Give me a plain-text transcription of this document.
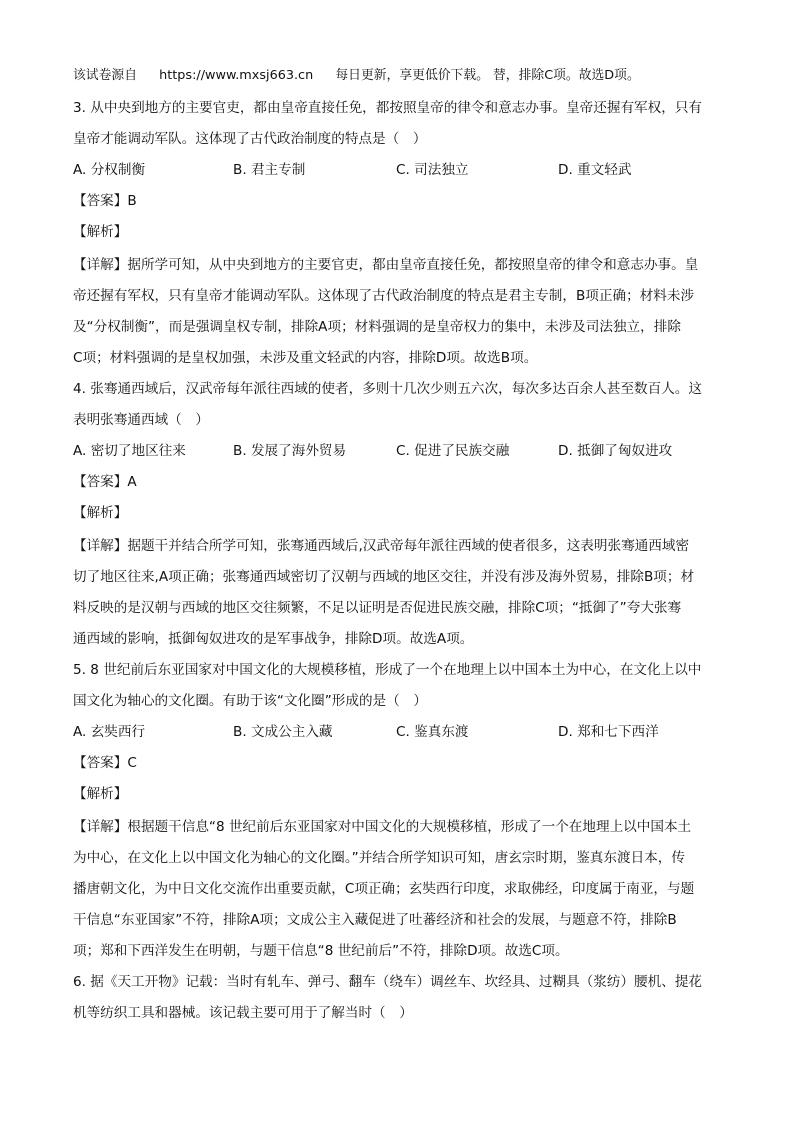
该试卷源自 https://www.mxsj663.cn 每日更新，享更低价下载。 替，排除C项。故选D项。
3. 从中央到地方的主要官吏，都由皇帝直接任免，都按照皇帝的律令和意志办事。皇帝还握有军权，只有
皇帝才能调动军队。这体现了古代政治制度的特点是（　）
A. 分权制衡	B. 君主专制	C. 司法独立	D. 重文轻武
【答案】B
【解析】
【详解】据所学可知，从中央到地方的主要官吏，都由皇帝直接任免，都按照皇帝的律令和意志办事。皇
帝还握有军权，只有皇帝才能调动军队。这体现了古代政治制度的特点是君主专制，B项正确；材料未涉
及“分权制衡”，而是强调皇权专制，排除A项；材料强调的是皇帝权力的集中，未涉及司法独立，排除
C项；材料强调的是皇权加强，未涉及重文轻武的内容，排除D项。故选B项。
4. 张骞通西域后，汉武帝每年派往西域的使者，多则十几次少则五六次，每次多达百余人甚至数百人。这
表明张骞通西域（　）
A. 密切了地区往来	B. 发展了海外贸易	C. 促进了民族交融	D. 抵御了匈奴进攻
【答案】A
【解析】
【详解】据题干并结合所学可知，张骞通西域后,汉武帝每年派往西域的使者很多，这表明张骞通西域密
切了地区往来,A项正确；张骞通西域密切了汉朝与西域的地区交往，并没有涉及海外贸易，排除B项；材
料反映的是汉朝与西域的地区交往频繁，不足以证明是否促进民族交融，排除C项；“抵御了”夸大张骞
通西域的影响，抵御匈奴进攻的是军事战争，排除D项。故选A项。
5. 8 世纪前后东亚国家对中国文化的大规模移植，形成了一个在地理上以中国本土为中心，在文化上以中
国文化为轴心的文化圈。有助于该“文化圈”形成的是（　）
A. 玄奘西行	B. 文成公主入藏	C. 鉴真东渡	D. 郑和七下西洋
【答案】C
【解析】
【详解】根据题干信息“8 世纪前后东亚国家对中国文化的大规模移植，形成了一个在地理上以中国本土
为中心，在文化上以中国文化为轴心的文化圈。”并结合所学知识可知，唐玄宗时期，鉴真东渡日本，传
播唐朝文化，为中日文化交流作出重要贡献，C项正确；玄奘西行印度，求取佛经，印度属于南亚，与题
干信息“东亚国家”不符，排除A项；文成公主入藏促进了吐蕃经济和社会的发展，与题意不符，排除B
项；郑和下西洋发生在明朝，与题干信息“8 世纪前后”不符，排除D项。故选C项。
6. 据《天工开物》记载：当时有轧车、弹弓、翻车（绕车）调丝车、坎经具、过糊具（浆纺）腰机、提花
机等纺织工具和器械。该记载主要可用于了解当时（　）
